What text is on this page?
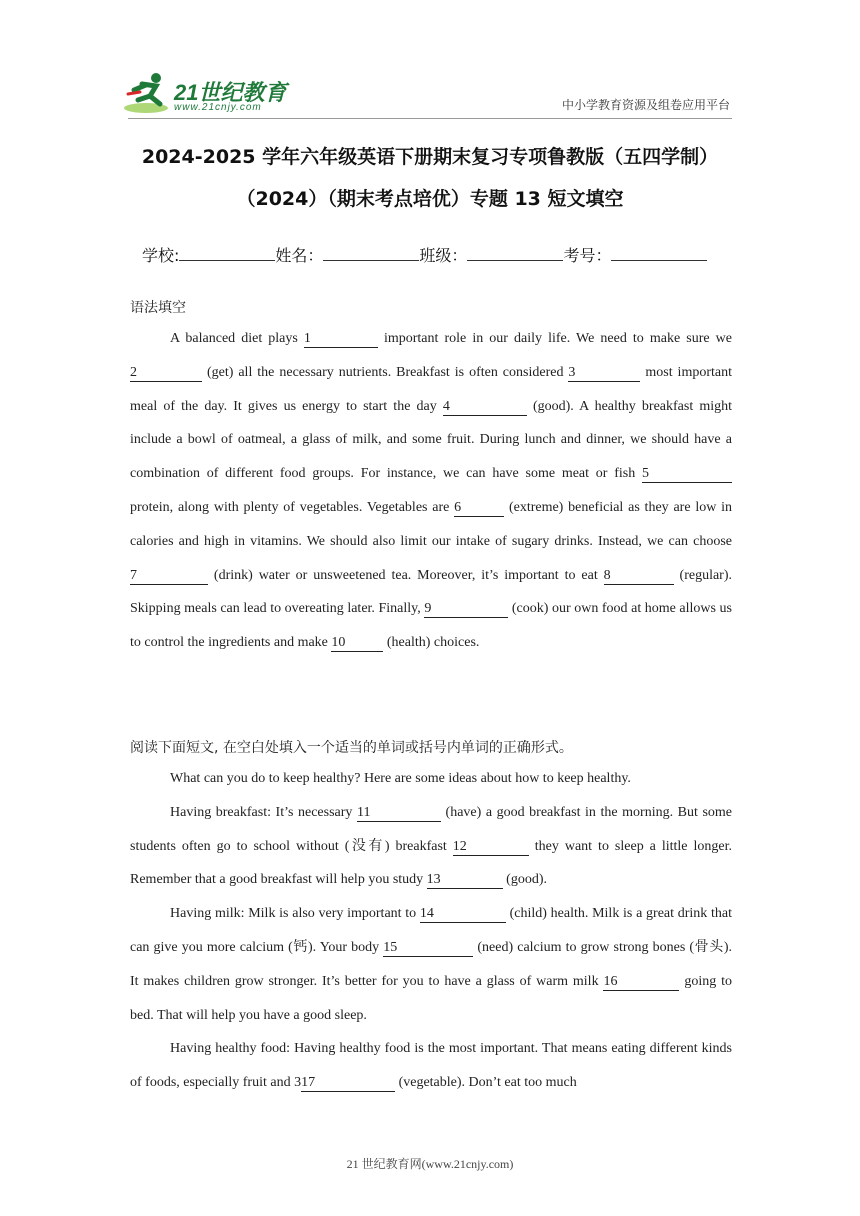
21世纪教育
www.21cnjy.com	中小学教育资源及组卷应用平台
2024-2025 学年六年级英语下册期末复习专项鲁教版（五四学制）
（2024）（期末考点培优）专题 13 短文填空
学校:	姓名：	班级：	考号：
语法填空

A balanced diet plays 1	important role in our daily life. We need to make sure we 2	(get) all the necessary nutrients. Breakfast is often considered 3	most important meal of the day. It gives us energy to start the day 4	(good). A healthy breakfast might include a bowl of oatmeal, a glass of milk, and some fruit. During lunch and dinner, we should have a combination of different food groups. For instance, we can have some meat or fish 5 protein, along with plenty of vegetables. Vegetables are 6	(extreme) beneficial as they are low in calories and high in vitamins. We should also limit our intake of sugary drinks. Instead, we can choose 7	(drink) water or unsweetened tea. Moreover, it’s important to eat 8	(regular). Skipping meals can lead to overeating later. Finally, 9	(cook) our own food at home allows us to control the ingredients and make 10	(health) choices.

阅读下面短文, 在空白处填入一个适当的单词或括号内单词的正确形式。

What can you do to keep healthy? Here are some ideas about how to keep healthy.

Having breakfast: It’s necessary 11	(have) a good breakfast in the morning. But some students often go to school without (没有) breakfast 12	they want to sleep a little longer. Remember that a good breakfast will help you study 13	(good).

Having milk: Milk is also very important to 14	(child) health. Milk is a great drink that can give you more calcium (钙). Your body 15	(need) calcium to grow strong bones (骨头). It makes children grow stronger. It’s better for you to have a glass of warm milk 16	going to bed. That will help you have a good sleep.

Having healthy food: Having healthy food is the most important. That means eating different kinds of foods, especially fruit and 317	(vegetable). Don’t eat too much

21 世纪教育网(www.21cnjy.com)
